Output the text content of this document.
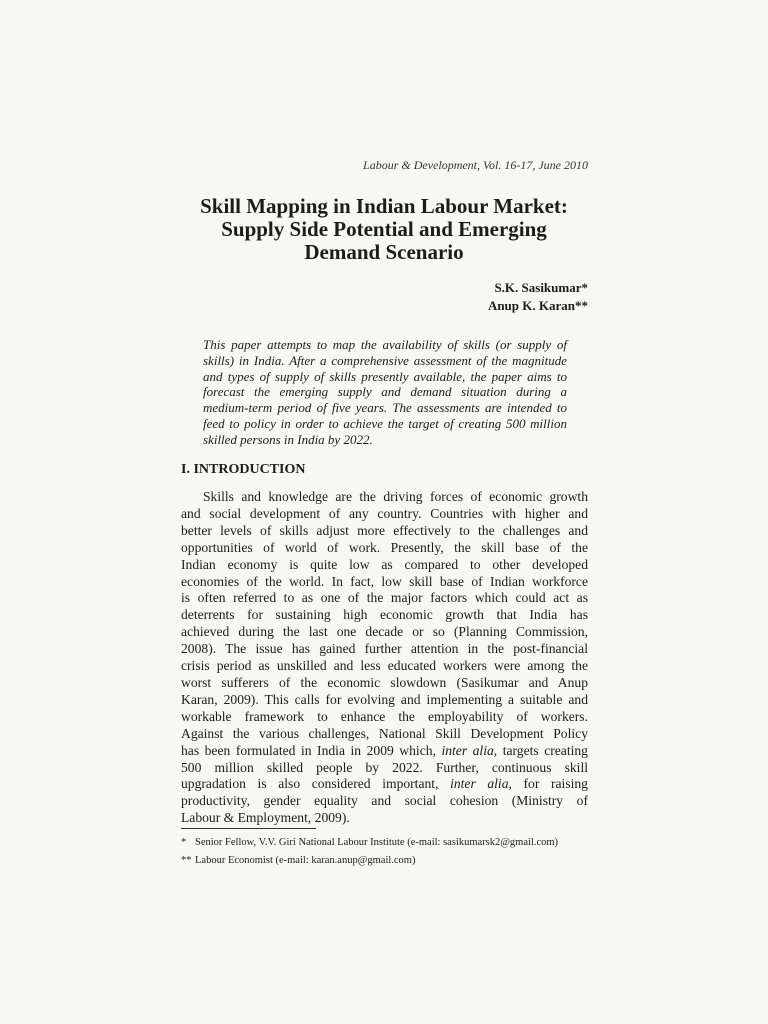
Labour & Development, Vol. 16-17, June 2010
Skill Mapping in Indian Labour Market:
Supply Side Potential and Emerging
Demand Scenario
S.K. Sasikumar*
Anup K. Karan**
This paper attempts to map the availability of skills (or supply of
skills) in India. After a comprehensive assessment of the magnitude
and types of supply of skills presently available, the paper aims to
forecast the emerging supply and demand situation during a
medium-term period of five years. The assessments are intended to
feed to policy in order to achieve the target of creating 500 million
skilled persons in India by 2022.
I. INTRODUCTION
Skills and knowledge are the driving forces of economic growth
and social development of any country. Countries with higher and
better levels of skills adjust more effectively to the challenges and
opportunities of world of work. Presently, the skill base of the
Indian economy is quite low as compared to other developed
economies of the world. In fact, low skill base of Indian workforce
is often referred to as one of the major factors which could act as
deterrents for sustaining high economic growth that India has
achieved during the last one decade or so (Planning Commission,
2008). The issue has gained further attention in the post-financial
crisis period as unskilled and less educated workers were among the
worst sufferers of the economic slowdown (Sasikumar and Anup
Karan, 2009). This calls for evolving and implementing a suitable and
workable framework to enhance the employability of workers.
Against the various challenges, National Skill Development Policy
has been formulated in India in 2009 which, inter alia, targets creating
500 million skilled people by 2022. Further, continuous skill
upgradation is also considered important, inter alia, for raising
productivity, gender equality and social cohesion (Ministry of
Labour & Employment, 2009).
* Senior Fellow, V.V. Giri National Labour Institute (e-mail: sasikumarsk2@gmail.com)
** Labour Economist (e-mail: karan.anup@gmail.com)
